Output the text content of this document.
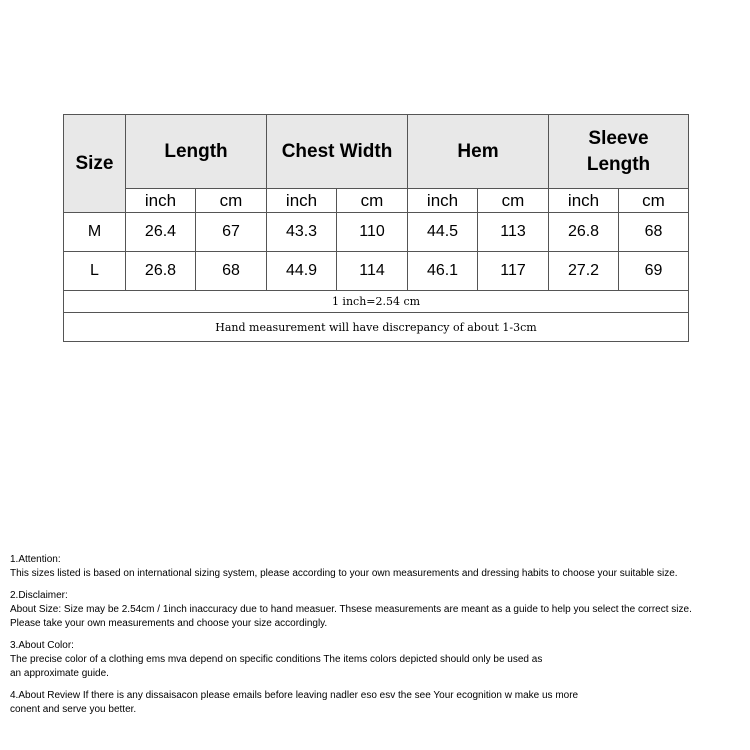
Size	Length		Chest Width		Hem		Sleeve Length	
	inch	cm	inch	cm	inch	cm	inch	cm
M	26.4	67	43.3	110	44.5	113	26.8	68
L	26.8	68	44.9	114	46.1	117	27.2	69
1 inch=2.54 cm								
Hand measurement will have discrepancy of about 1-3cm								
1.Attention:
This sizes listed is based on international sizing system, please according to your own measurements and dressing habits to choose your suitable size.
2.Disclaimer:
About Size: Size may be 2.54cm / 1inch inaccuracy due to hand measuer. Thsese measurements are meant as a guide to help you select the correct size.
Please take your own measurements and choose your size accordingly.
3.About Color:
The precise color of a clothing ems mva depend on specific conditions The items colors depicted should only be used as
an approximate guide.
4.About Review If there is any dissaisacon please emails before leaving nadler eso esv the see Your ecognition w make us more
conent and serve you better.
